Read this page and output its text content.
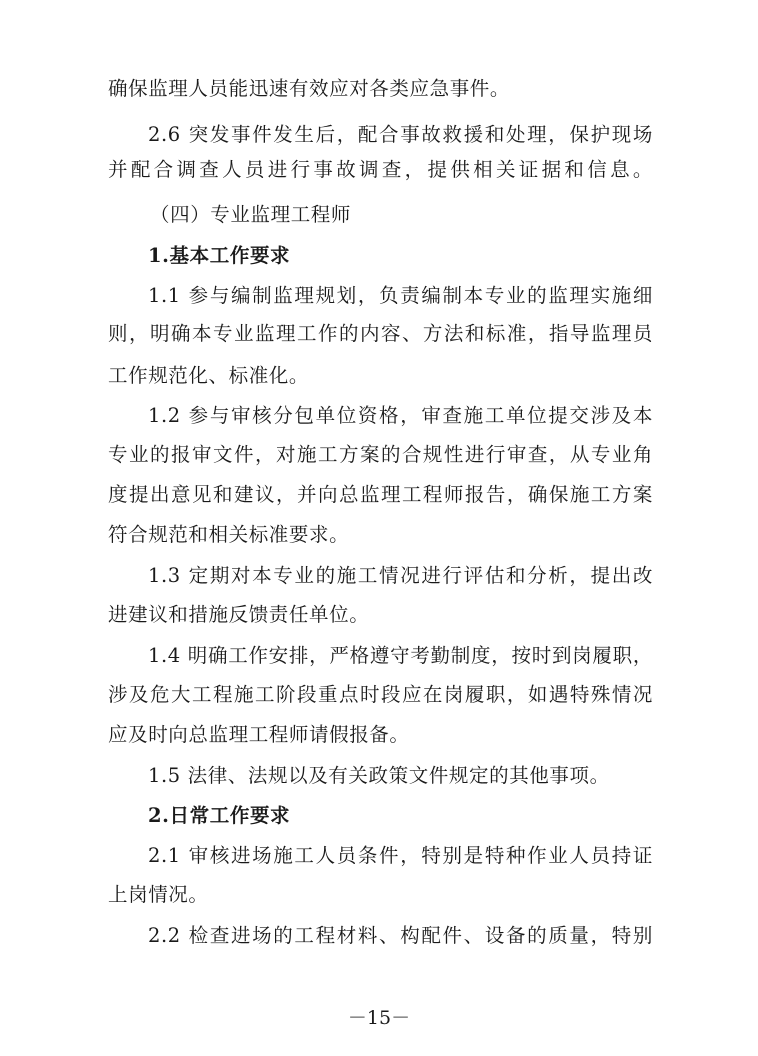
确保监理人员能迅速有效应对各类应急事件。
2.6 突发事件发生后，配合事故救援和处理，保护现场
并配合调查人员进行事故调查，提供相关证据和信息。
（四）专业监理工程师
1.基本工作要求
1.1 参与编制监理规划，负责编制本专业的监理实施细
则，明确本专业监理工作的内容、方法和标准，指导监理员
工作规范化、标准化。
1.2 参与审核分包单位资格，审查施工单位提交涉及本
专业的报审文件，对施工方案的合规性进行审查，从专业角
度提出意见和建议，并向总监理工程师报告，确保施工方案
符合规范和相关标准要求。
1.3 定期对本专业的施工情况进行评估和分析，提出改
进建议和措施反馈责任单位。
1.4 明确工作安排，严格遵守考勤制度，按时到岗履职，
涉及危大工程施工阶段重点时段应在岗履职，如遇特殊情况
应及时向总监理工程师请假报备。
1.5 法律、法规以及有关政策文件规定的其他事项。
2.日常工作要求
2.1 审核进场施工人员条件，特别是特种作业人员持证
上岗情况。
2.2 检查进场的工程材料、构配件、设备的质量，特别
－15－
